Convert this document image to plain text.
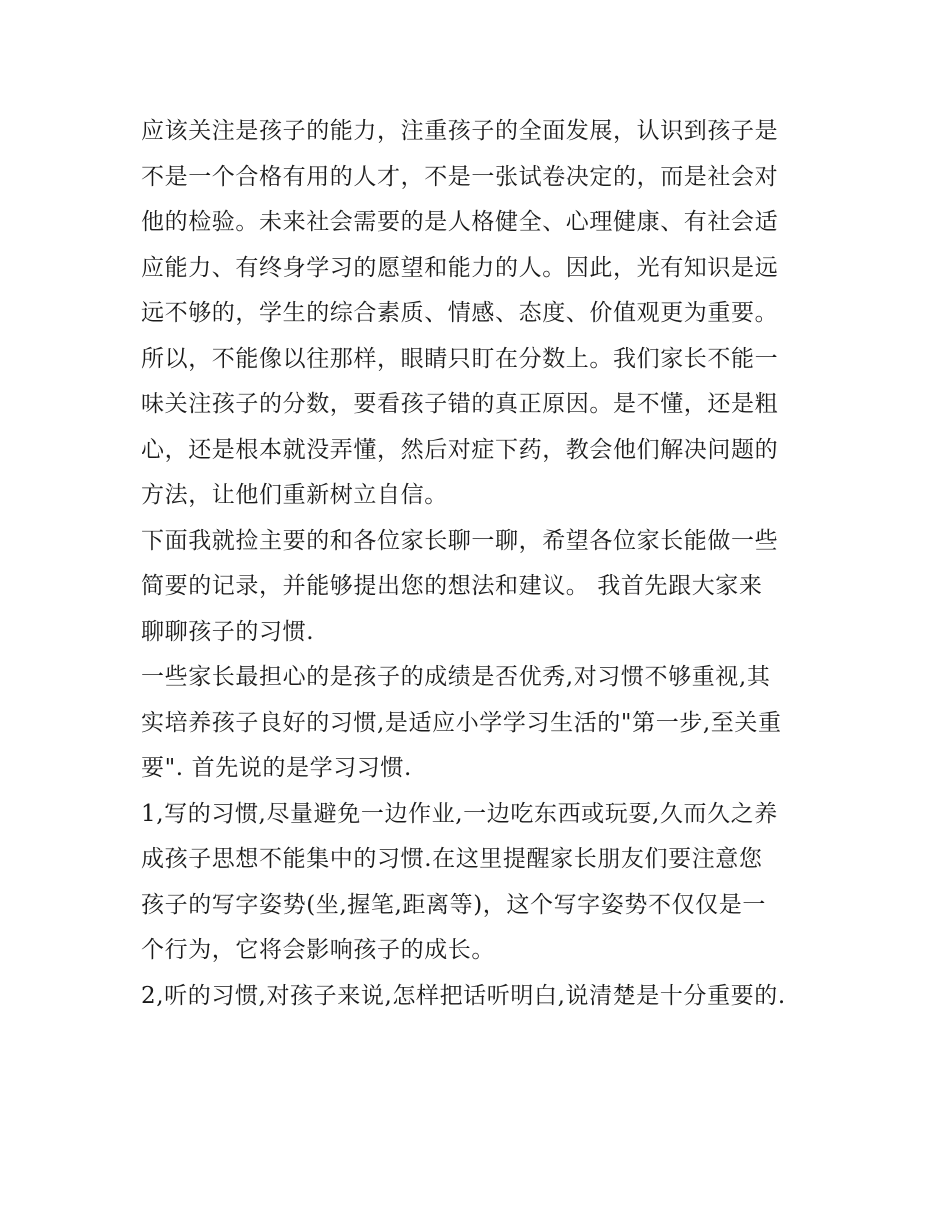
应该关注是孩子的能力，注重孩子的全面发展，认识到孩子是
不是一个合格有用的人才，不是一张试卷决定的，而是社会对
他的检验。未来社会需要的是人格健全、心理健康、有社会适
应能力、有终身学习的愿望和能力的人。因此，光有知识是远
远不够的，学生的综合素质、情感、态度、价值观更为重要。
所以，不能像以往那样，眼睛只盯在分数上。我们家长不能一
味关注孩子的分数，要看孩子错的真正原因。是不懂，还是粗
心，还是根本就没弄懂，然后对症下药，教会他们解决问题的
方法，让他们重新树立自信。
下面我就捡主要的和各位家长聊一聊，希望各位家长能做一些
简要的记录，并能够提出您的想法和建议。 我首先跟大家来
聊聊孩子的习惯.
一些家长最担心的是孩子的成绩是否优秀,对习惯不够重视,其
实培养孩子良好的习惯,是适应小学学习生活的"第一步,至关重
要". 首先说的是学习习惯.
1,写的习惯,尽量避免一边作业,一边吃东西或玩耍,久而久之养
成孩子思想不能集中的习惯.在这里提醒家长朋友们要注意您
孩子的写字姿势(坐,握笔,距离等)，这个写字姿势不仅仅是一
个行为，它将会影响孩子的成长。
2,听的习惯,对孩子来说,怎样把话听明白,说清楚是十分重要的.
